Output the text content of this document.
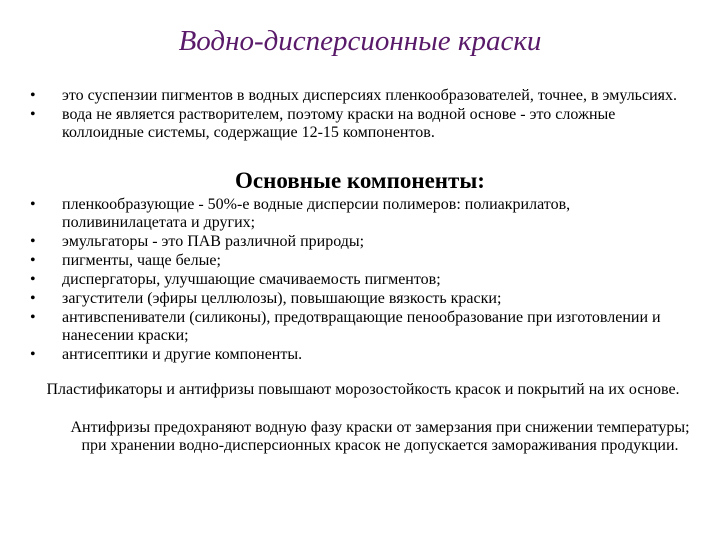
Водно-дисперсионные краски
•	это суспензии пигментов в водных дисперсиях пленкообразователей, точнее, в эмульсиях.
•	вода не является растворителем, поэтому краски на водной основе - это сложные коллоидные системы, содержащие 12-15 компонентов.
Основные компоненты:
•	пленкообразующие - 50%-е водные дисперсии полимеров: полиакрилатов, поливинилацетата и других;
•	эмульгаторы - это ПАВ различной природы;
•	пигменты, чаще белые;
•	диспергаторы, улучшающие смачиваемость пигментов;
•	загустители (эфиры целлюлозы), повышающие вязкость краски;
•	антивспениватели (силиконы), предотвращающие пенообразование при изготовлении и нанесении краски;
•	антисептики и другие компоненты.
Пластификаторы и антифризы повышают морозостойкость красок и покрытий на их основе.
Антифризы предохраняют водную фазу краски от замерзания при снижении температуры; при хранении водно-дисперсионных красок не допускается замораживания продукции.
